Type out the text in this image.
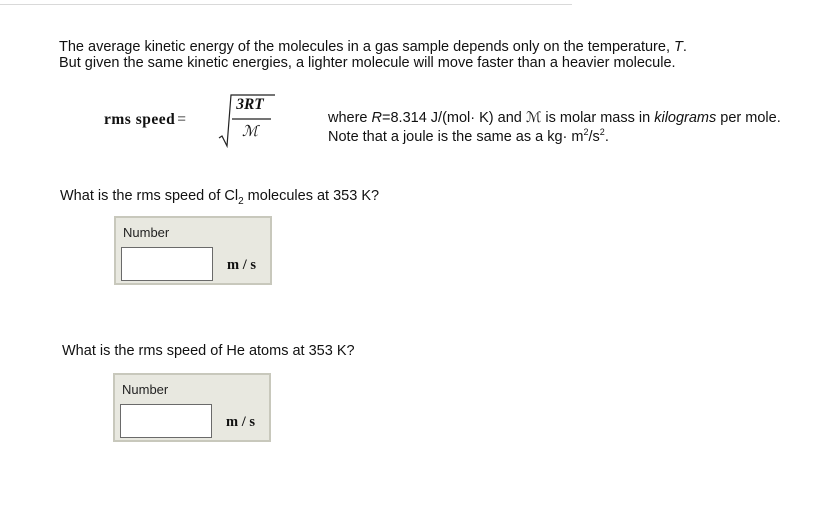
The average kinetic energy of the molecules in a gas sample depends only on the temperature, T.
But given the same kinetic energies, a lighter molecule will move faster than a heavier molecule.
rms speed =
3RT
ℳ
where R=8.314 J/(mol· K) and ℳ is molar mass in kilograms per mole.
Note that a joule is the same as a $kg\cdot m^2/s^2$.
What is the rms speed of $Cl_2$ molecules at 353 K?
Number
m / s
What is the rms speed of He atoms at 353 K?
Number
m / s
